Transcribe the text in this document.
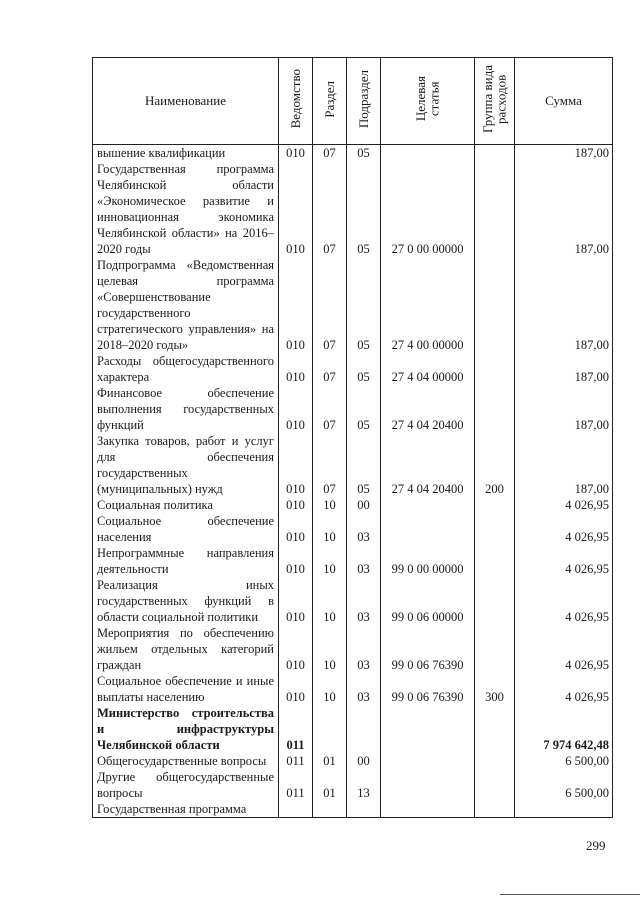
Наименование	Ведомство	Раздел	Подраздел	Целевая
статья	Группа вида
расходов	Сумма
вышение квалификации	010	07	05			187,00
Государственная программа Челябинской области «Экономическое развитие и инновационная экономика Челябинской области» на 2016–2020 годы	010	07	05	27 0 00 00000		187,00
Подпрограмма «Ведомственная целевая программа «Совершенствование государственного стратегического управления» на 2018–2020 годы»	010	07	05	27 4 00 00000		187,00
Расходы общегосударственного характера	010	07	05	27 4 04 00000		187,00
Финансовое обеспечение выполнения государственных функций	010	07	05	27 4 04 20400		187,00
Закупка товаров, работ и услуг для обеспечения государственных (муниципальных) нужд	010	07	05	27 4 04 20400	200	187,00
Социальная политика	010	10	00			4 026,95
Социальное обеспечение населения	010	10	03			4 026,95
Непрограммные направления деятельности	010	10	03	99 0 00 00000		4 026,95
Реализация иных государственных функций в области социальной политики	010	10	03	99 0 06 00000		4 026,95
Мероприятия по обеспечению жильем отдельных категорий граждан	010	10	03	99 0 06 76390		4 026,95
Социальное обеспечение и иные выплаты населению	010	10	03	99 0 06 76390	300	4 026,95
Министерство строительства и инфраструктуры Челябинской области	011					7 974 642,48
Общегосударственные вопросы	011	01	00			6 500,00
Другие общегосударственные вопросы	011	01	13			6 500,00
Государственная программа						
299
